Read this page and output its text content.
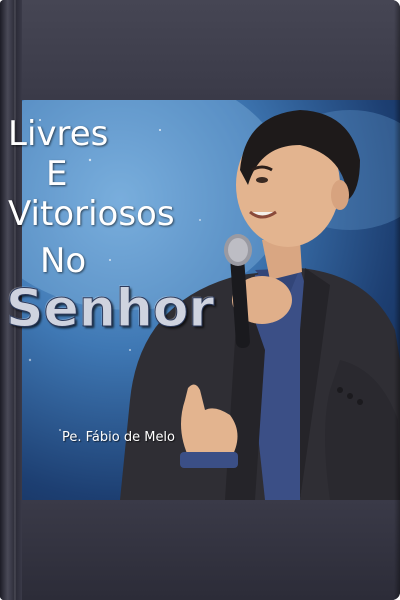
Livres
E
Vitoriosos
No
Senhor
Pe. Fábio de Melo
